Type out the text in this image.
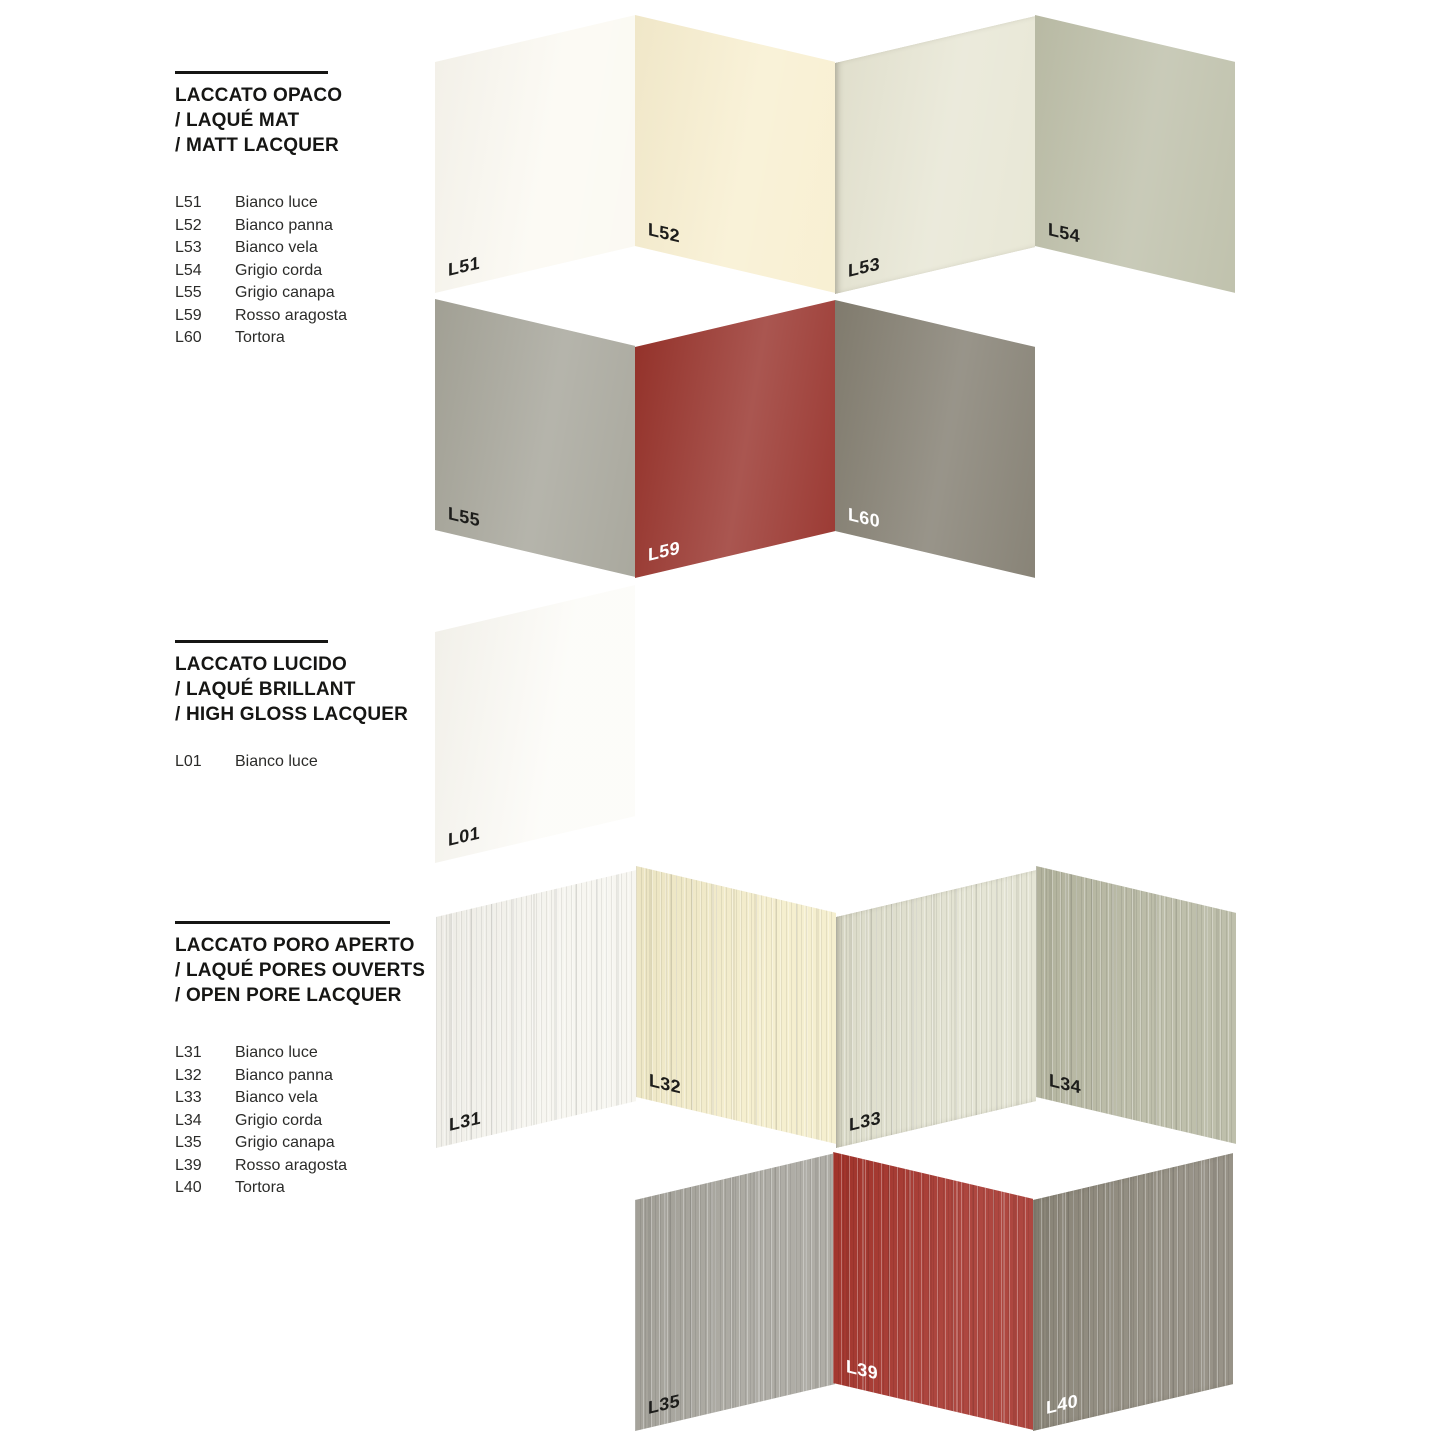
LACCATO OPACO
/ LAQUÉ MAT
/ MATT LACQUER
L51	Bianco luce
L52	Bianco panna
L53	Bianco vela
L54	Grigio corda
L55	Grigio canapa
L59	Rosso aragosta
L60	Tortora
L51
L52
L53
L54
L55
L59
L60
LACCATO LUCIDO
/ LAQUÉ BRILLANT
/ HIGH GLOSS LACQUER
L01	Bianco luce
L01
LACCATO PORO APERTO
/ LAQUÉ PORES OUVERTS
/ OPEN PORE LACQUER
L31	Bianco luce
L32	Bianco panna
L33	Bianco vela
L34	Grigio corda
L35	Grigio canapa
L39	Rosso aragosta
L40	Tortora
L31
L32
L33
L34
L35
L39
L40
